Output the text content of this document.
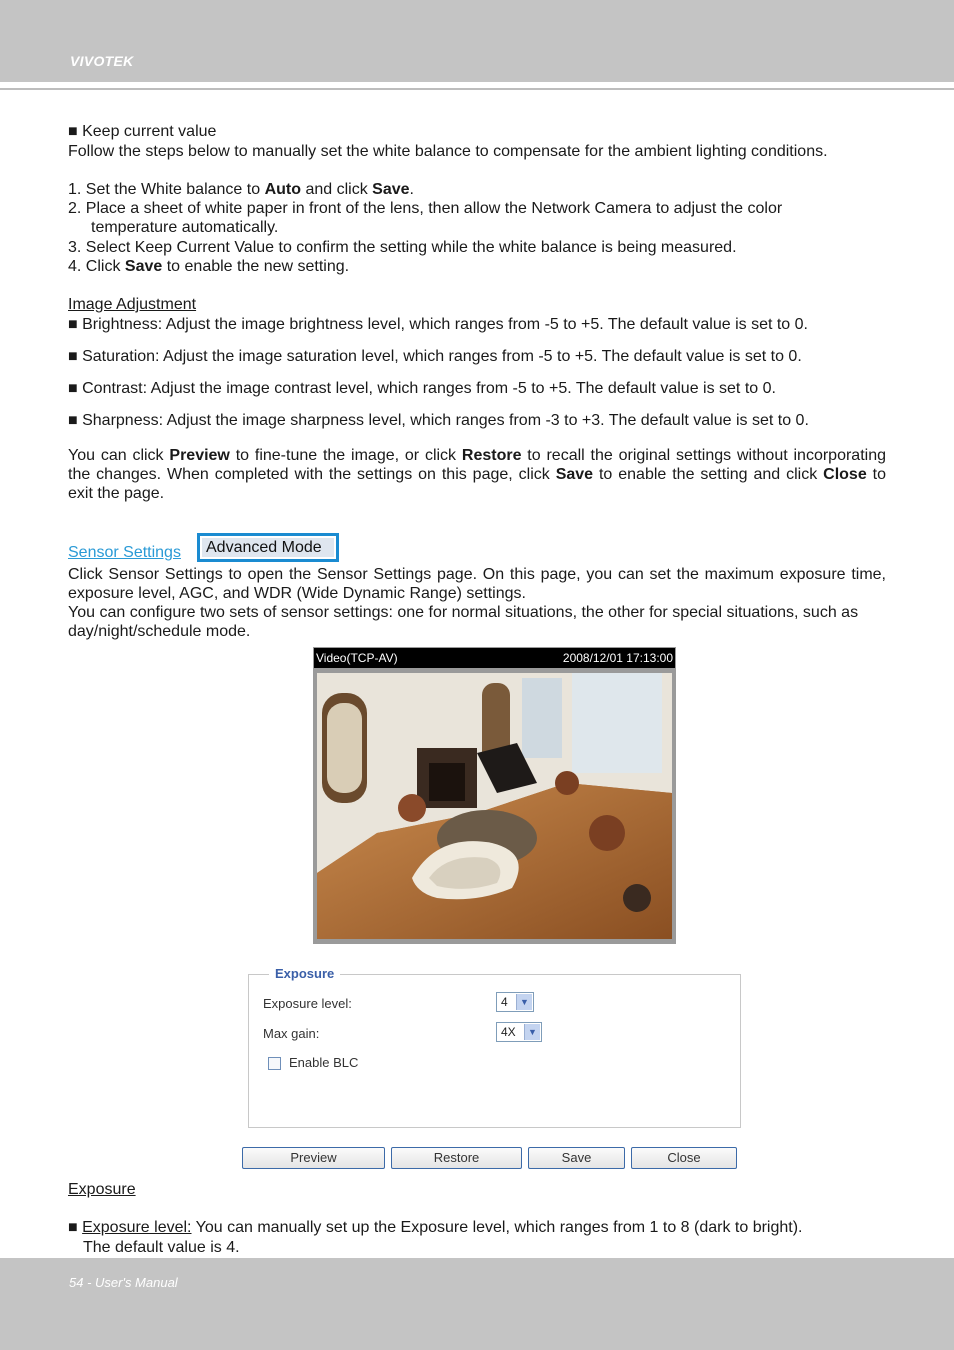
VIVOTEK
■ Keep current value
Follow the steps below to manually set the white balance to compensate for the ambient lighting conditions.
1. Set the White balance to Auto and click Save.
2. Place a sheet of white paper in front of the lens, then allow the Network Camera to adjust the color
temperature automatically.
3. Select Keep Current Value to confirm the setting while the white balance is being measured.
4. Click Save to enable the new setting.
Image Adjustment
■ Brightness: Adjust the image brightness level, which ranges from -5 to +5. The default value is set to 0.
■ Saturation: Adjust the image saturation level, which ranges from -5 to +5. The default value is set to 0.
■ Contrast: Adjust the image contrast level, which ranges from -5 to +5. The default value is set to 0.
■ Sharpness: Adjust the image sharpness level, which ranges from -3 to +3. The default value is set to 0.
You can click Preview to fine-tune the image, or click Restore to recall the original settings without incorporating the changes. When completed with the settings on this page, click Save to enable the setting and click Close to exit the page.
Sensor Settings Advanced Mode
Click Sensor Settings to open the Sensor Settings page. On this page, you can set the maximum exposure time, exposure level, AGC, and WDR (Wide Dynamic Range) settings.
You can configure two sets of sensor settings: one for normal situations, the other for special situations, such as day/night/schedule mode.
Video(TCP-AV)	2008/12/01 17:13:00
Exposure
Exposure level:	4	▼
Max gain:	4X	▼
Enable BLC
Preview	Restore	Save	Close
Exposure
■ Exposure level: You can manually set up the Exposure level, which ranges from 1 to 8 (dark to bright).
The default value is 4.
54 - User's Manual
